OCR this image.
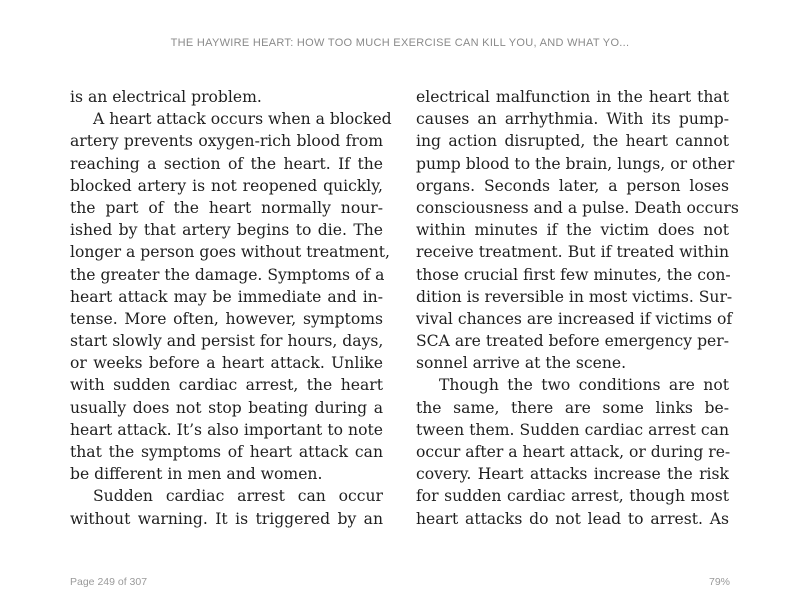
THE HAYWIRE HEART: HOW TOO MUCH EXERCISE CAN KILL YOU, AND WHAT YO...
is an electrical problem.
A heart attack occurs when a blocked
artery prevents oxygen-rich blood from
reaching a section of the heart. If the
blocked artery is not reopened quickly,
the part of the heart normally nour-
ished by that artery begins to die. The
longer a person goes without treatment,
the greater the damage. Symptoms of a
heart attack may be immediate and in-
tense. More often, however, symptoms
start slowly and persist for hours, days,
or weeks before a heart attack. Unlike
with sudden cardiac arrest, the heart
usually does not stop beating during a
heart attack. It’s also important to note
that the symptoms of heart attack can
be different in men and women.
Sudden cardiac arrest can occur
without warning. It is triggered by an
electrical malfunction in the heart that
causes an arrhythmia. With its pump-
ing action disrupted, the heart cannot
pump blood to the brain, lungs, or other
organs. Seconds later, a person loses
consciousness and a pulse. Death occurs
within minutes if the victim does not
receive treatment. But if treated within
those crucial first few minutes, the con-
dition is reversible in most victims. Sur-
vival chances are increased if victims of
SCA are treated before emergency per-
sonnel arrive at the scene.
Though the two conditions are not
the same, there are some links be-
tween them. Sudden cardiac arrest can
occur after a heart attack, or during re-
covery. Heart attacks increase the risk
for sudden cardiac arrest, though most
heart attacks do not lead to arrest. As
Page 249 of 307	79%
